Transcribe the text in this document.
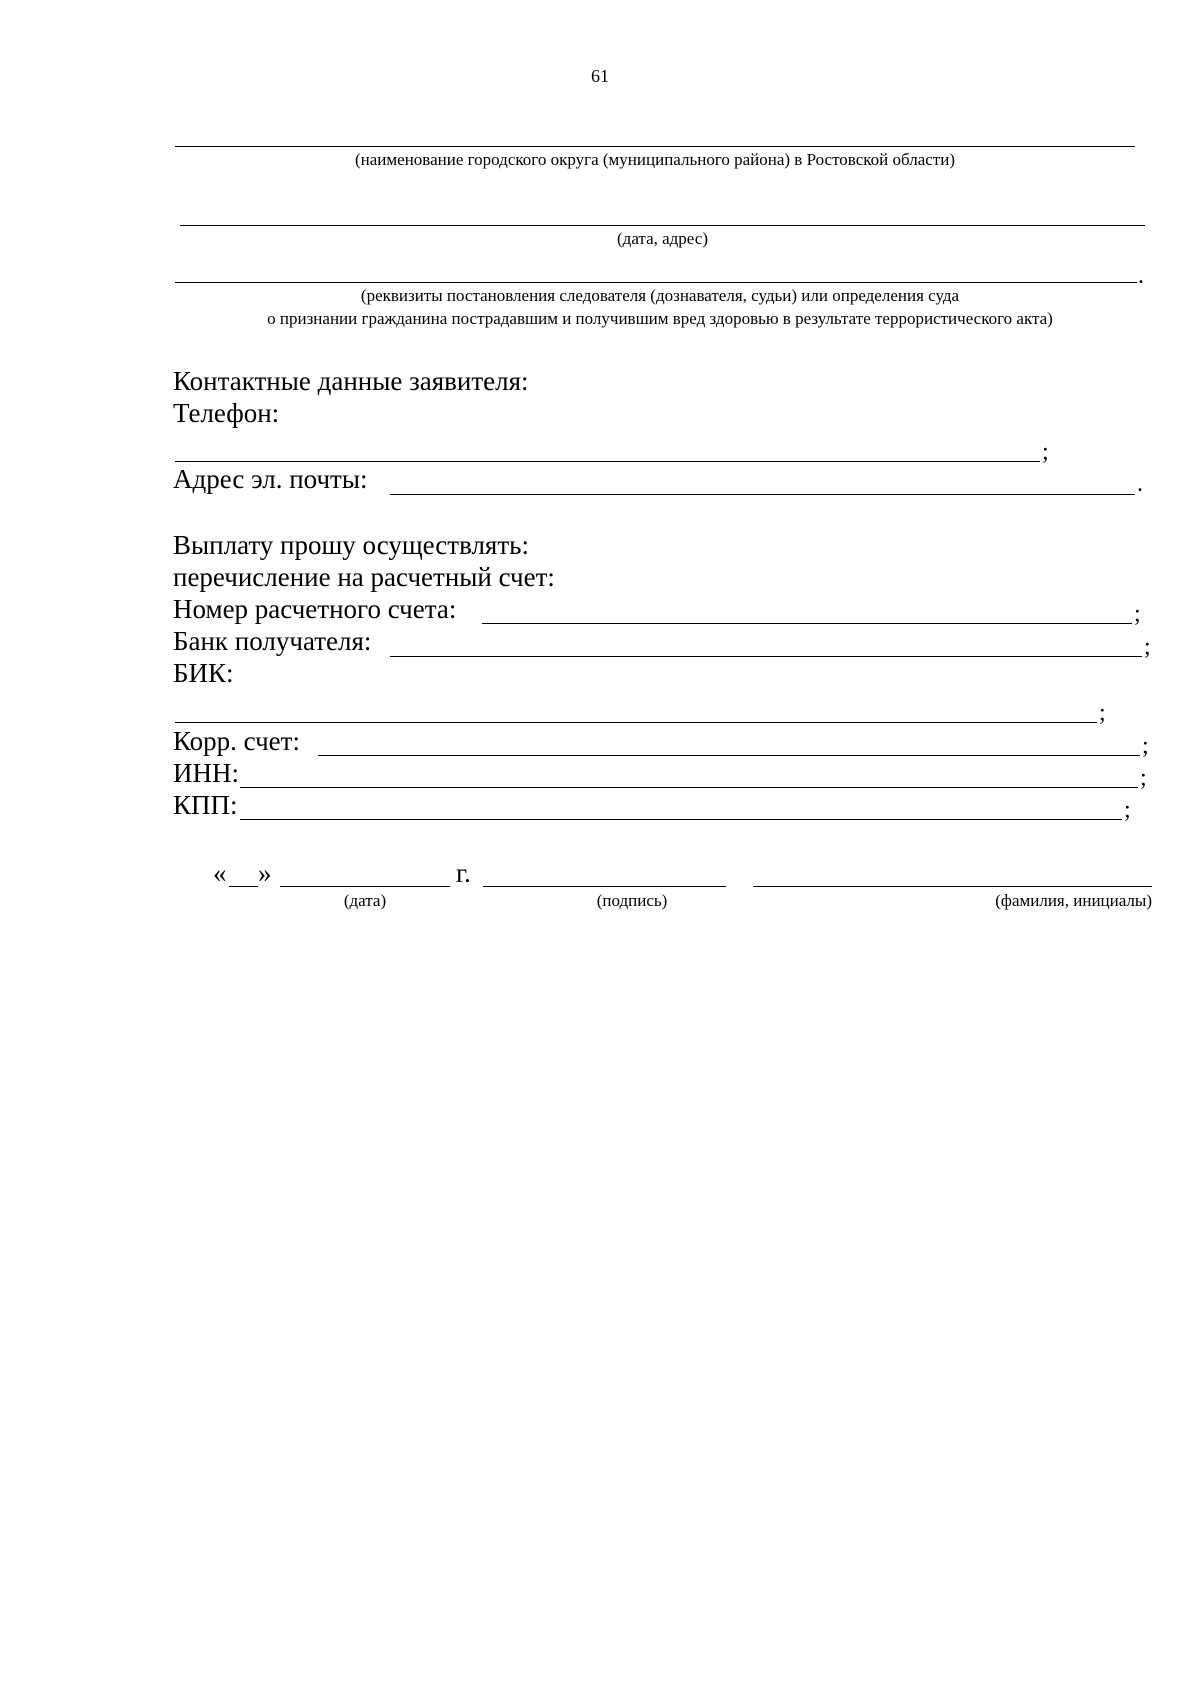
61
(наименование городского округа (муниципального района) в Ростовской области)
(дата, адрес)
.
(реквизиты постановления следователя (дознавателя, судьи) или определения суда
о признании гражданина пострадавшим и получившим вред здоровью в результате террористического акта)
Контактные данные заявителя:
Телефон:
;
Адрес эл. почты:	.
Выплату прошу осуществлять:
перечисление на расчетный счет:
Номер расчетного счета:	;
Банк получателя:	;
БИК:
;
Корр. счет:	;
ИНН:	;
КПП:	;
« »	г.
(дата)	(подпись)	(фамилия, инициалы)
